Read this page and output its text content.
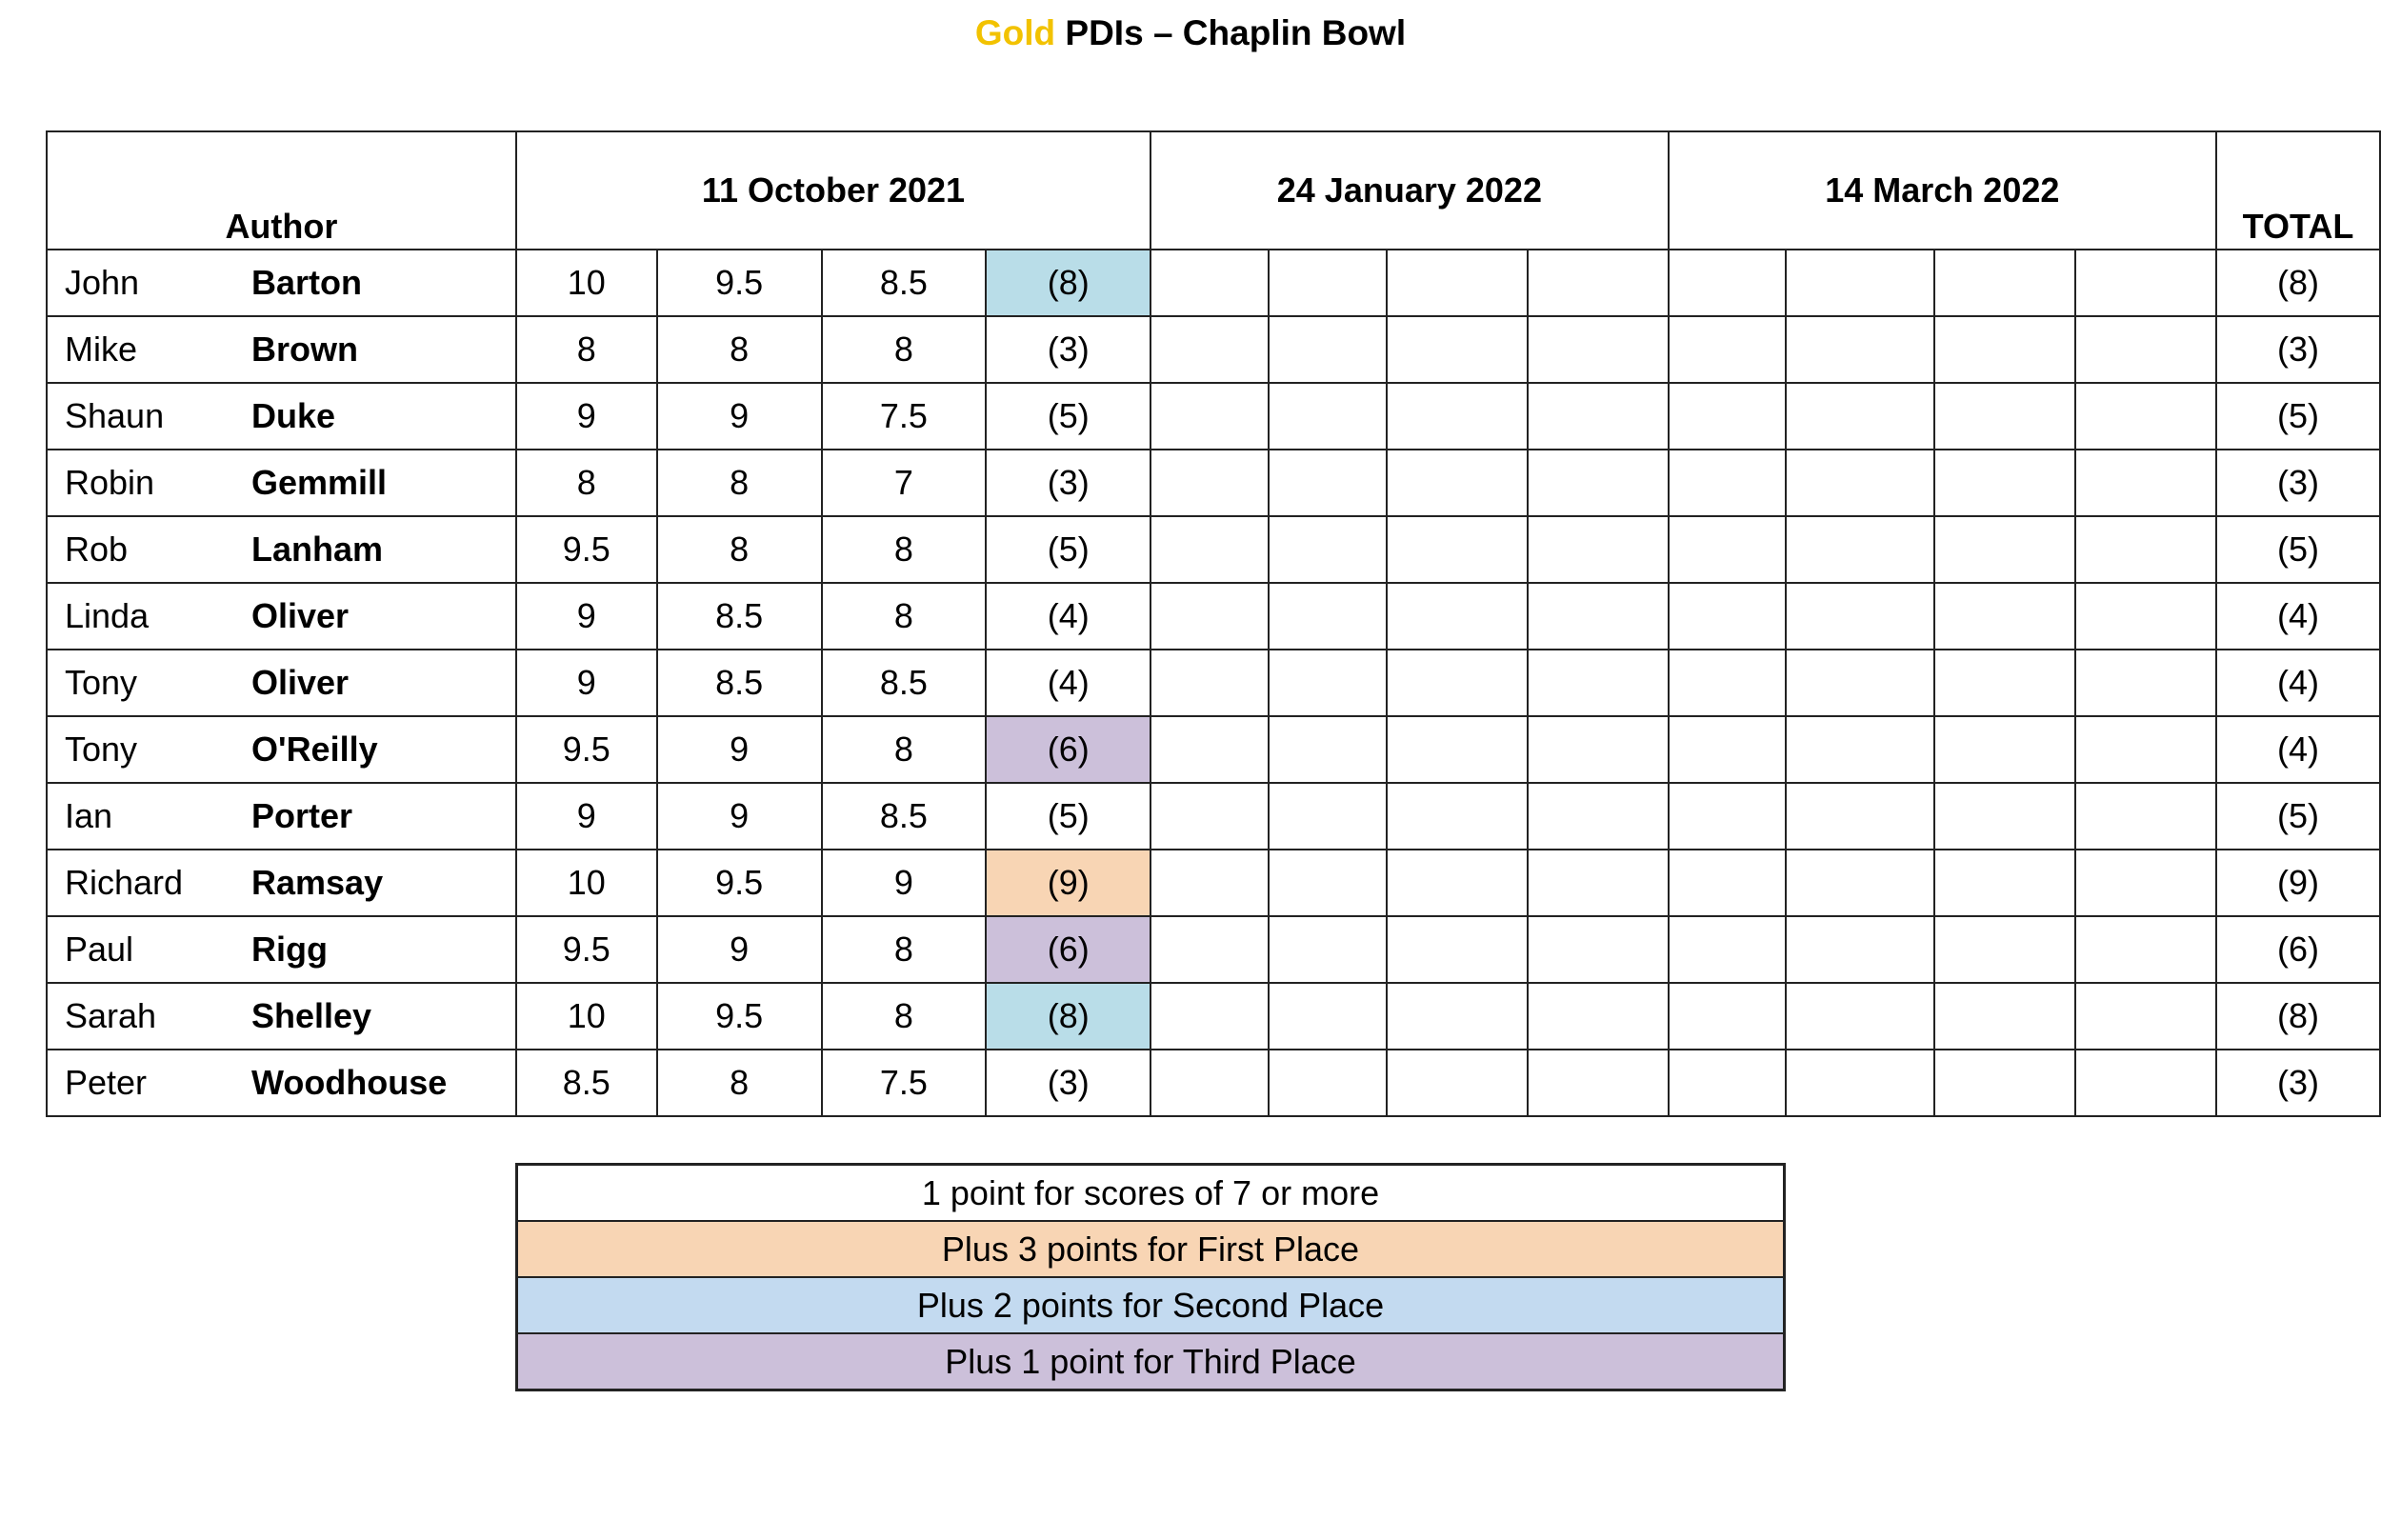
Gold PDIs – Chaplin Bowl
Author	11 October 2021				24 January 2022				14 March 2022				TOTAL
John Barton	10	9.5	8.5	(8)									(8)
Mike Brown	8	8	8	(3)									(3)
Shaun Duke	9	9	7.5	(5)									(5)
Robin Gemmill	8	8	7	(3)									(3)
Rob Lanham	9.5	8	8	(5)									(5)
Linda Oliver	9	8.5	8	(4)									(4)
Tony Oliver	9	8.5	8.5	(4)									(4)
Tony O'Reilly	9.5	9	8	(6)									(4)
Ian Porter	9	9	8.5	(5)									(5)
Richard Ramsay	10	9.5	9	(9)									(9)
Paul Rigg	9.5	9	8	(6)									(6)
Sarah Shelley	10	9.5	8	(8)									(8)
Peter Woodhouse	8.5	8	7.5	(3)									(3)
1 point for scores of 7 or more
Plus 3 points for First Place
Plus 2 points for Second Place
Plus 1 point for Third Place
